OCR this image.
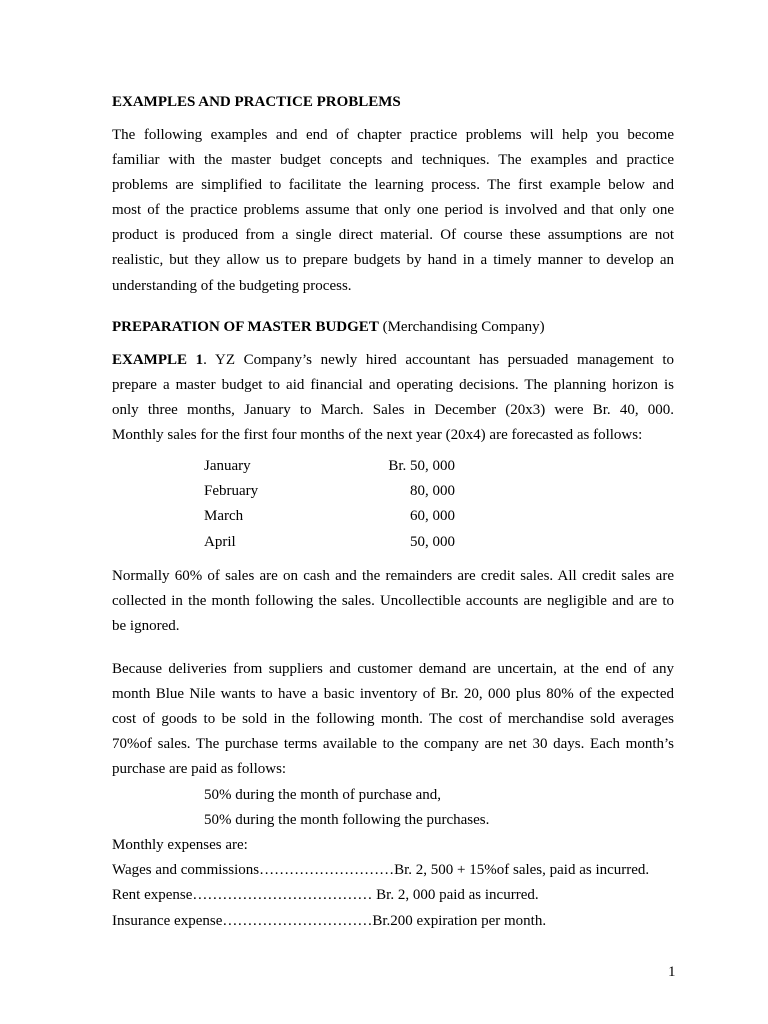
EXAMPLES AND PRACTICE PROBLEMS
The following examples and end of chapter practice problems will help you become
familiar with the master budget concepts and techniques. The examples and practice
problems are simplified to facilitate the learning process. The first example below and
most of the practice problems assume that only one period is involved and that only one
product is produced from a single direct material. Of course these assumptions are not
realistic, but they allow us to prepare budgets by hand in a timely manner to develop an
understanding of the budgeting process.
PREPARATION OF MASTER BUDGET (Merchandising Company)
EXAMPLE 1. YZ Company’s newly hired accountant has persuaded management to
prepare a master budget to aid financial and operating decisions. The planning horizon is
only three months, January to March. Sales in December (20x3) were Br. 40, 000.
Monthly sales for the first four months of the next year (20x4) are forecasted as follows:
January	Br. 50, 000
February	80, 000
March	60, 000
April	50, 000
Normally 60% of sales are on cash and the remainders are credit sales. All credit sales are
collected in the month following the sales. Uncollectible accounts are negligible and are to
be ignored.
Because deliveries from suppliers and customer demand are uncertain, at the end of any
month Blue Nile wants to have a basic inventory of Br. 20, 000 plus 80% of the expected
cost of goods to be sold in the following month. The cost of merchandise sold averages
70%of sales. The purchase terms available to the company are net 30 days. Each month’s
purchase are paid as follows:
50% during the month of purchase and,
50% during the month following the purchases.
Monthly expenses are:
Wages and commissions………………………Br. 2, 500 + 15%of sales, paid as incurred.
Rent expense……………………………… Br. 2, 000 paid as incurred.
Insurance expense…………………………Br.200 expiration per month.
1
